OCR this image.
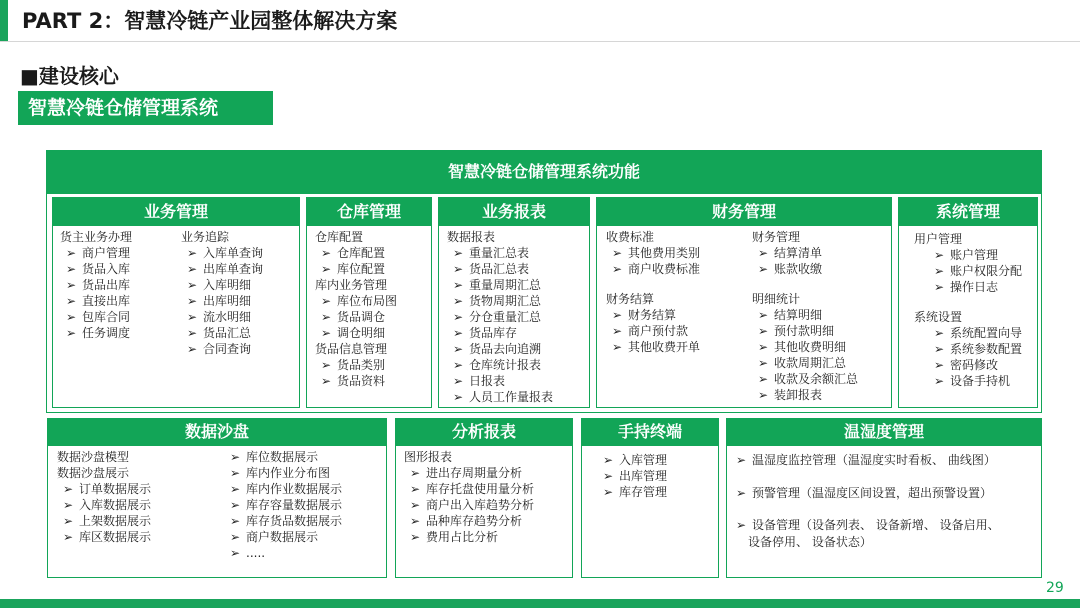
PART 2：智慧冷链产业园整体解决方案
■建设核心
智慧冷链仓储管理系统
智慧冷链仓储管理系统功能
业务管理
货主业务办理
➢ 商户管理
➢ 货品入库
➢ 货品出库
➢ 直接出库
➢ 包库合同
➢ 任务调度
业务追踪
➢ 入库单查询
➢ 出库单查询
➢ 入库明细
➢ 出库明细
➢ 流水明细
➢ 货品汇总
➢ 合同查询
仓库管理
仓库配置
➢ 仓库配置
➢ 库位配置
库内业务管理
➢ 库位布局图
➢ 货品调仓
➢ 调仓明细
货品信息管理
➢ 货品类别
➢ 货品资料
业务报表
数据报表
➢ 重量汇总表
➢ 货品汇总表
➢ 重量周期汇总
➢ 货物周期汇总
➢ 分仓重量汇总
➢ 货品库存
➢ 货品去向追溯
➢ 仓库统计报表
➢ 日报表
➢ 人员工作量报表
财务管理
收费标准
➢ 其他费用类别
➢ 商户收费标准
财务结算
➢ 财务结算
➢ 商户预付款
➢ 其他收费开单
财务管理
➢ 结算清单
➢ 账款收缴
明细统计
➢ 结算明细
➢ 预付款明细
➢ 其他收费明细
➢ 收款周期汇总
➢ 收款及余额汇总
➢ 装卸报表
系统管理
用户管理
➢ 账户管理
➢ 账户权限分配
➢ 操作日志
系统设置
➢ 系统配置向导
➢ 系统参数配置
➢ 密码修改
➢ 设备手持机
数据沙盘
数据沙盘模型
数据沙盘展示
➢ 订单数据展示
➢ 入库数据展示
➢ 上架数据展示
➢ 库区数据展示
➢ 库位数据展示
➢ 库内作业分布图
➢ 库内作业数据展示
➢ 库存容量数据展示
➢ 库存货品数据展示
➢ 商户数据展示
➢ .....
分析报表
图形报表
➢ 进出存周期量分析
➢ 库存托盘使用量分析
➢ 商户出入库趋势分析
➢ 品种库存趋势分析
➢ 费用占比分析
手持终端
➢ 入库管理
➢ 出库管理
➢ 库存管理
温湿度管理
➢ 温湿度监控管理（温湿度实时看板、 曲线图）
➢ 预警管理（温湿度区间设置，超出预警设置）
➢ 设备管理（设备列表、 设备新增、 设备启用、
设备停用、 设备状态）
29
